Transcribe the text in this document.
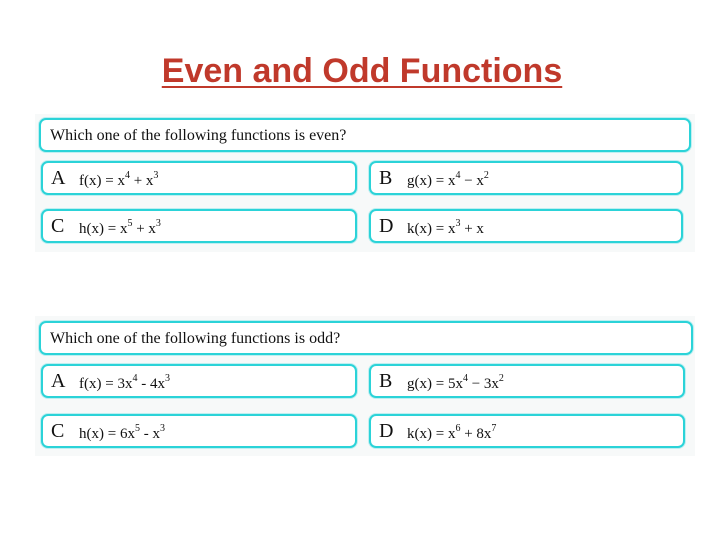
Even and Odd Functions
Which one of the following functions is even?
A $f(x) = x^4 + x^3$	B $g(x) = x^4 - x^2$
C $h(x) = x^5 + x^3$	D $k(x) = x^3 + x$
Which one of the following functions is odd?
A $f(x) = 3x^4 - 4x^3$	B $g(x) = 5x^4 - 3x^2$
C $h(x) = 6x^5 - x^3$	D $k(x) = x^6 + 8x^7$
